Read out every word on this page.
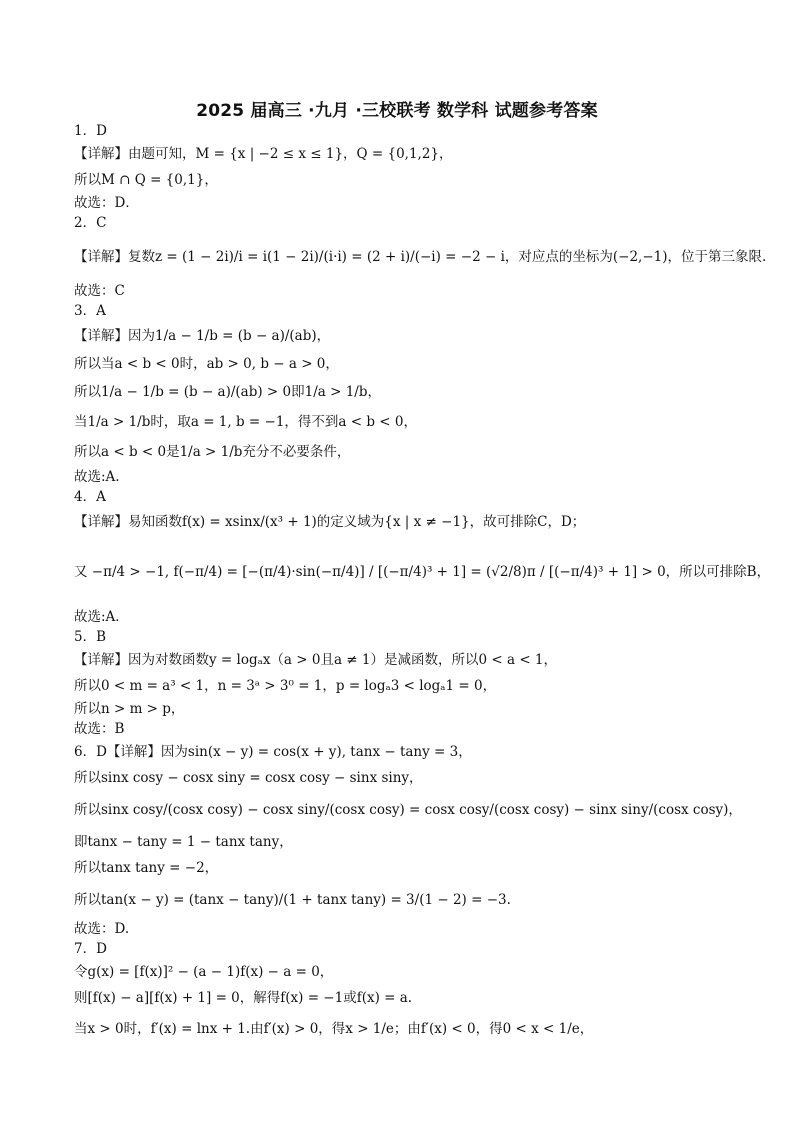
2025 届高三 ·九月 ·三校联考 数学科 试题参考答案
1．D
【详解】由题可知，M = {x | −2 ≤ x ≤ 1}，Q = {0,1,2}，
所以M ∩ Q = {0,1}，
故选：D．
2．C
【详解】复数z = (1 − 2i)/i = i(1 − 2i)/(i·i) = (2 + i)/(−i) = −2 − i，对应点的坐标为(−2,−1)，位于第三象限.
故选：C
3．A
【详解】因为1/a − 1/b = (b − a)/(ab)，
所以当a < b < 0时，ab > 0, b − a > 0，
所以1/a − 1/b = (b − a)/(ab) > 0即1/a > 1/b，
当1/a > 1/b时，取a = 1, b = −1，得不到a < b < 0，
所以a < b < 0是1/a > 1/b充分不必要条件，
故选:A.
4．A
【详解】易知函数f(x) = xsinx/(x³ + 1)的定义域为{x | x ≠ −1}，故可排除C，D；
又 −π/4 > −1, f(−π/4) = [−(π/4)·sin(−π/4)] / [(−π/4)³ + 1] = (√2/8)π / [(−π/4)³ + 1] > 0，所以可排除B，
故选:A．
5．B
【详解】因为对数函数y = logₐx（a > 0且a ≠ 1）是减函数，所以0 < a < 1，
所以0 < m = a³ < 1，n = 3ᵃ > 3⁰ = 1，p = logₐ3 < logₐ1 = 0，
所以n > m > p，
故选：B
6．D【详解】因为sin(x − y) = cos(x + y), tanx − tany = 3，
所以sinx cosy − cosx siny = cosx cosy − sinx siny，
所以sinx cosy/(cosx cosy) − cosx siny/(cosx cosy) = cosx cosy/(cosx cosy) − sinx siny/(cosx cosy)，
即tanx − tany = 1 − tanx tany，
所以tanx tany = −2，
所以tan(x − y) = (tanx − tany)/(1 + tanx tany) = 3/(1 − 2) = −3.
故选：D.
7．D
令g(x) = [f(x)]² − (a − 1)f(x) − a = 0，
则[f(x) − a][f(x) + 1] = 0，解得f(x) = −1或f(x) = a.
当x > 0时，f′(x) = lnx + 1.由f′(x) > 0，得x > 1/e；由f′(x) < 0，得0 < x < 1/e，
